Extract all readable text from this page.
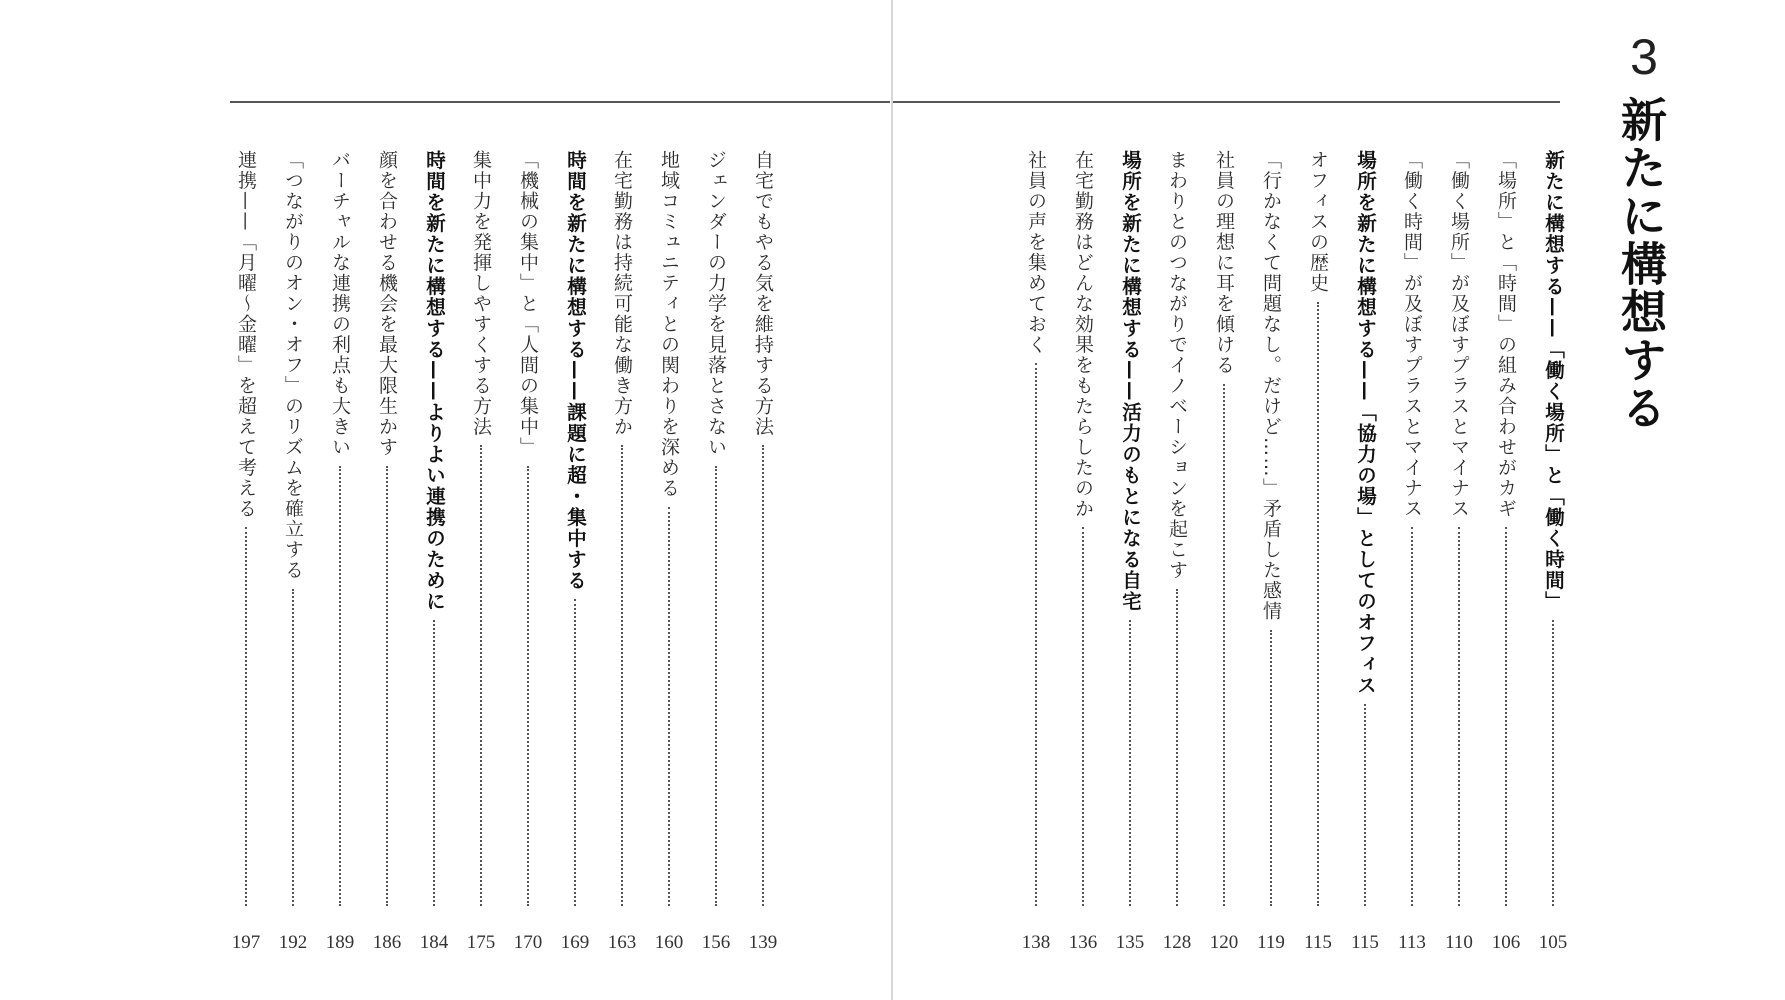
3
新たに構想する
新たに構想する——「働く場所」と「働く時間」
105
「場所」と「時間」の組み合わせがカギ
106
「働く場所」が及ぼすプラスとマイナス
110
「働く時間」が及ぼすプラスとマイナス
113
場所を新たに構想する——「協力の場」としてのオフィス
115
オフィスの歴史
115
「行かなくて問題なし。だけど……」矛盾した感情
119
社員の理想に耳を傾ける
120
まわりとのつながりでイノベーションを起こす
128
場所を新たに構想する——活力のもとになる自宅
135
在宅勤務はどんな効果をもたらしたのか
136
社員の声を集めておく
138
自宅でもやる気を維持する方法
139
ジェンダーの力学を見落とさない
156
地域コミュニティとの関わりを深める
160
在宅勤務は持続可能な働き方か
163
時間を新たに構想する——課題に超・集中する
169
「機械の集中」と「人間の集中」
170
集中力を発揮しやすくする方法
175
時間を新たに構想する——よりよい連携のために
184
顔を合わせる機会を最大限生かす
186
バーチャルな連携の利点も大きい
189
「つながりのオン・オフ」のリズムを確立する
192
連携——「月曜〜金曜」を超えて考える
197
